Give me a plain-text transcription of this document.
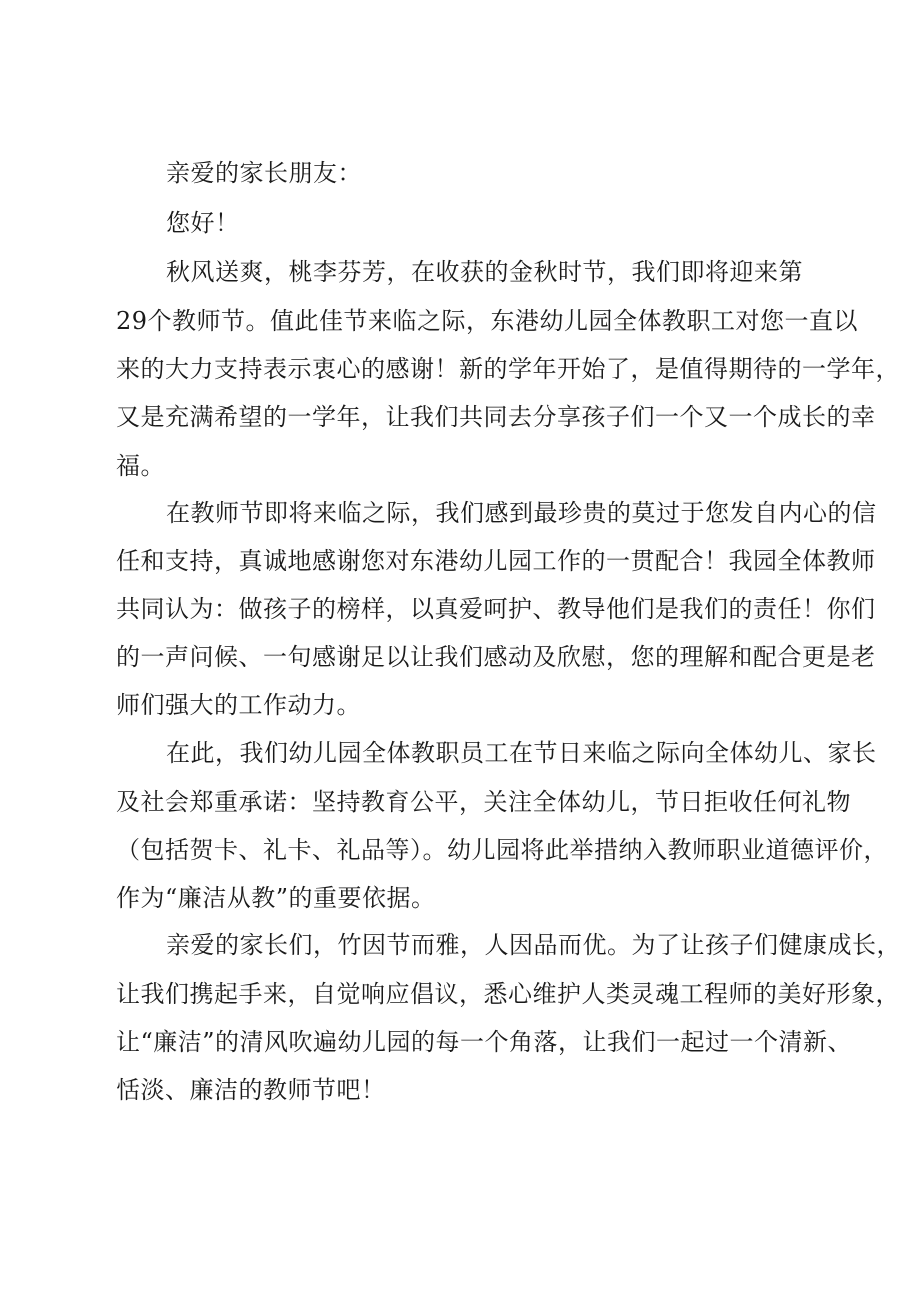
亲爱的家长朋友：
您好！
秋风送爽，桃李芬芳，在收获的金秋时节，我们即将迎来第
29个教师节。值此佳节来临之际，东港幼儿园全体教职工对您一直以
来的大力支持表示衷心的感谢！新的学年开始了，是值得期待的一学年，
又是充满希望的一学年，让我们共同去分享孩子们一个又一个成长的幸
福。
在教师节即将来临之际，我们感到最珍贵的莫过于您发自内心的信
任和支持，真诚地感谢您对东港幼儿园工作的一贯配合！我园全体教师
共同认为：做孩子的榜样，以真爱呵护、教导他们是我们的责任！你们
的一声问候、一句感谢足以让我们感动及欣慰，您的理解和配合更是老
师们强大的工作动力。
在此，我们幼儿园全体教职员工在节日来临之际向全体幼儿、家长
及社会郑重承诺：坚持教育公平，关注全体幼儿，节日拒收任何礼物
（包括贺卡、礼卡、礼品等）。幼儿园将此举措纳入教师职业道德评价，
作为“廉洁从教”的重要依据。
亲爱的家长们，竹因节而雅，人因品而优。为了让孩子们健康成长，
让我们携起手来，自觉响应倡议，悉心维护人类灵魂工程师的美好形象，
让“廉洁”的清风吹遍幼儿园的每一个角落，让我们一起过一个清新、
恬淡、廉洁的教师节吧！
